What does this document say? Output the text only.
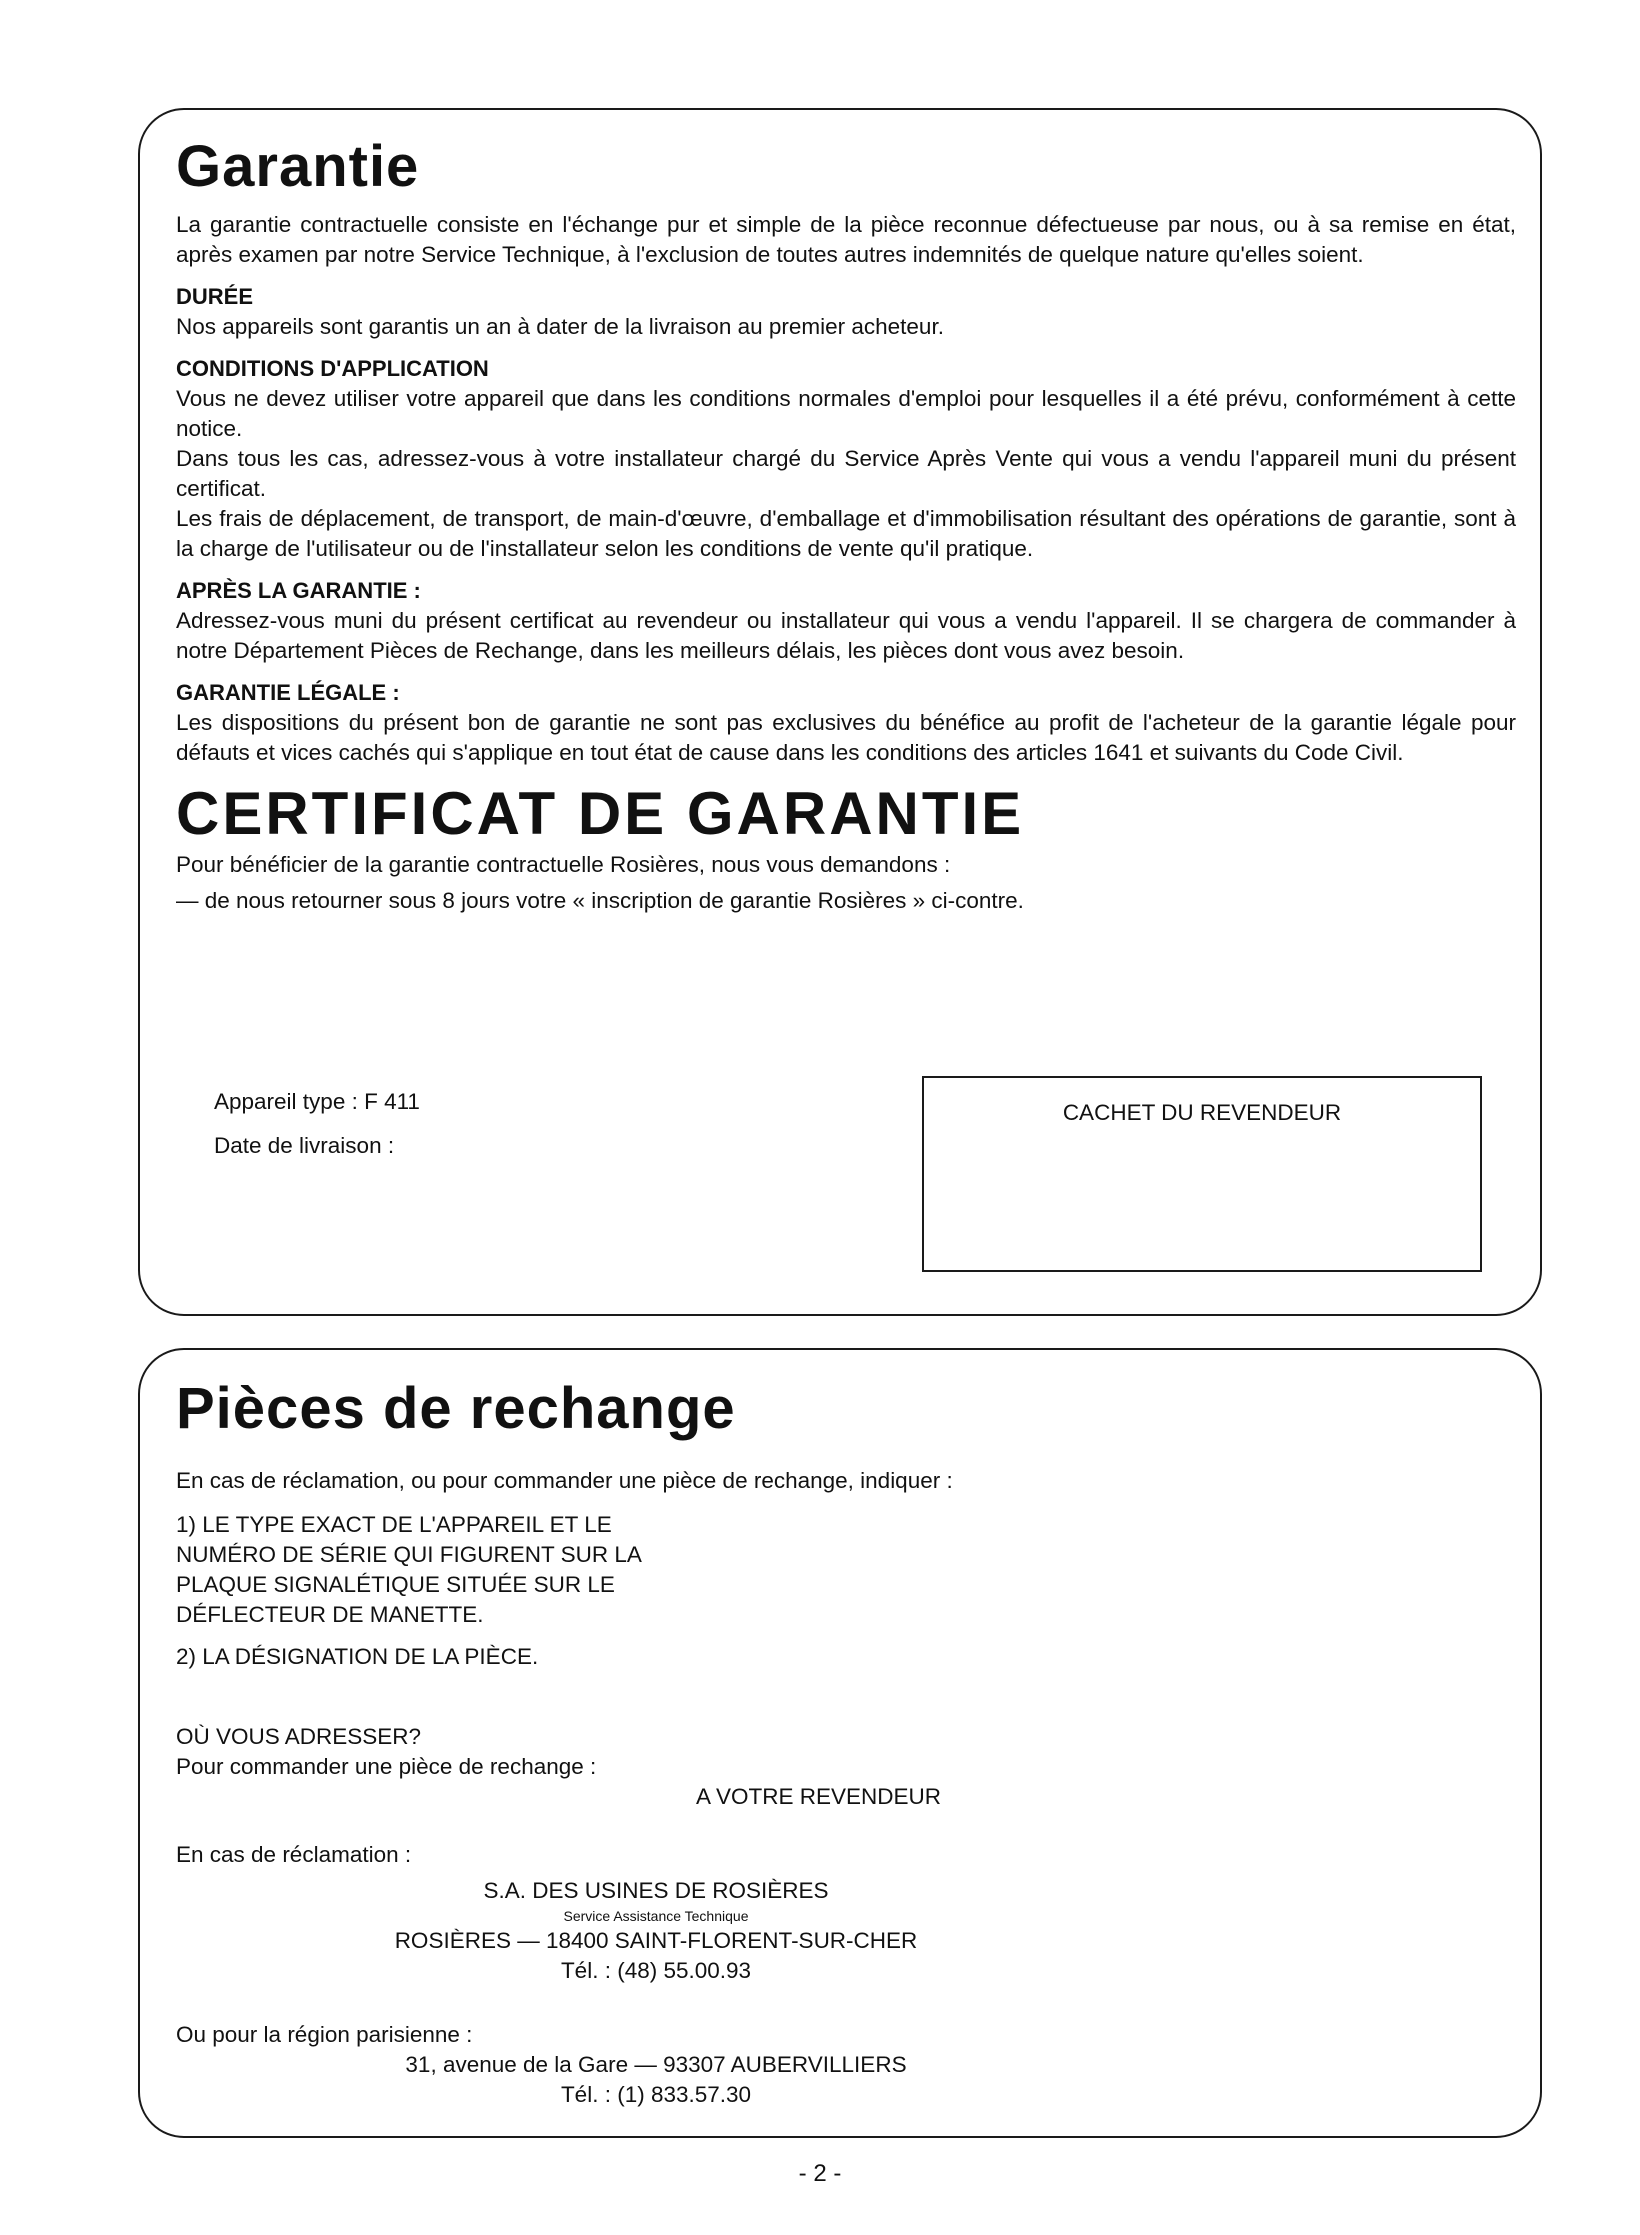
Garantie

La garantie contractuelle consiste en l'échange pur et simple de la pièce reconnue défectueuse par nous, ou à sa remise en état, après examen par notre Service Technique, à l'exclusion de toutes autres indemnités de quelque nature qu'elles soient.

DURÉE

Nos appareils sont garantis un an à dater de la livraison au premier acheteur.

CONDITIONS D'APPLICATION

Vous ne devez utiliser votre appareil que dans les conditions normales d'emploi pour lesquelles il a été prévu, conformément à cette notice.

Dans tous les cas, adressez-vous à votre installateur chargé du Service Après Vente qui vous a vendu l'appareil muni du présent certificat.

Les frais de déplacement, de transport, de main-d'œuvre, d'emballage et d'immobilisation résultant des opérations de garantie, sont à la charge de l'utilisateur ou de l'installateur selon les conditions de vente qu'il pratique.

APRÈS LA GARANTIE :

Adressez-vous muni du présent certificat au revendeur ou installateur qui vous a vendu l'appareil. Il se chargera de commander à notre Département Pièces de Rechange, dans les meilleurs délais, les pièces dont vous avez besoin.

GARANTIE LÉGALE :

Les dispositions du présent bon de garantie ne sont pas exclusives du bénéfice au profit de l'acheteur de la garantie légale pour défauts et vices cachés qui s'applique en tout état de cause dans les conditions des articles 1641 et suivants du Code Civil.

CERTIFICAT DE GARANTIE

Pour bénéficier de la garantie contractuelle Rosières, nous vous demandons :

— de nous retourner sous 8 jours votre « inscription de garantie Rosières » ci-contre.

Appareil type : F 411
Date de livraison :
CACHET DU REVENDEUR
Pièces de rechange

En cas de réclamation, ou pour commander une pièce de rechange, indiquer :

1) LE TYPE EXACT DE L'APPAREIL ET LE
NUMÉRO DE SÉRIE QUI FIGURENT SUR LA
PLAQUE SIGNALÉTIQUE SITUÉE SUR LE
DÉFLECTEUR DE MANETTE.
2) LA DÉSIGNATION DE LA PIÈCE.
OÙ VOUS ADRESSER?
Pour commander une pièce de rechange :
A VOTRE REVENDEUR
En cas de réclamation :
S.A. DES USINES DE ROSIÈRES
Service Assistance Technique
ROSIÈRES — 18400 SAINT-FLORENT-SUR-CHER
Tél. : (48) 55.00.93
Ou pour la région parisienne :
31, avenue de la Gare — 93307 AUBERVILLIERS
Tél. : (1) 833.57.30
- 2 -
